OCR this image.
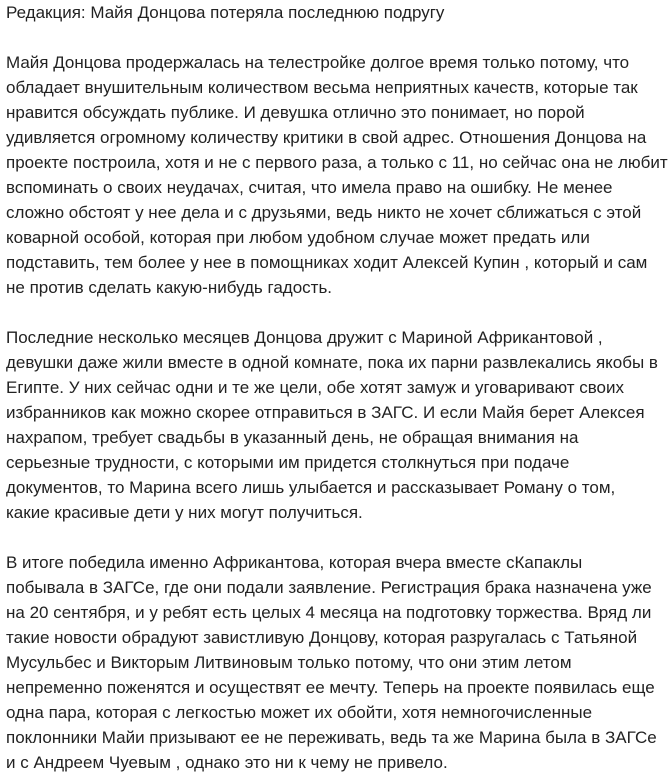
Редакция: Майя Донцова потеряла последнюю подругу

Майя Донцова продержалась на телестройке долгое время только потому, что
обладает внушительным количеством весьма неприятных качеств, которые так
нравится обсуждать публике. И девушка отлично это понимает, но порой
удивляется огромному количеству критики в свой адрес. Отношения Донцова на
проекте построила, хотя и не с первого раза, а только с 11, но сейчас она не любит
вспоминать о своих неудачах, считая, что имела право на ошибку. Не менее
сложно обстоят у нее дела и с друзьями, ведь никто не хочет сближаться с этой
коварной особой, которая при любом удобном случае может предать или
подставить, тем более у нее в помощниках ходит Алексей Купин , который и сам
не против сделать какую-нибудь гадость.

Последние несколько месяцев Донцова дружит с Мариной Африкантовой ,
девушки даже жили вместе в одной комнате, пока их парни развлекались якобы в
Египте. У них сейчас одни и те же цели, обе хотят замуж и уговаривают своих
избранников как можно скорее отправиться в ЗАГС. И если Майя берет Алексея
нахрапом, требует свадьбы в указанный день, не обращая внимания на
серьезные трудности, с которыми им придется столкнуться при подаче
документов, то Марина всего лишь улыбается и рассказывает Роману о том,
какие красивые дети у них могут получиться.

В итоге победила именно Африкантова, которая вчера вместе сКапаклы
побывала в ЗАГСе, где они подали заявление. Регистрация брака назначена уже
на 20 сентября, и у ребят есть целых 4 месяца на подготовку торжества. Вряд ли
такие новости обрадуют завистливую Донцову, которая разругалась с Татьяной
Мусульбес и Викторым Литвиновым только потому, что они этим летом
непременно поженятся и осуществят ее мечту. Теперь на проекте появилась еще
одна пара, которая с легкостью может их обойти, хотя немногочисленные
поклонники Майи призывают ее не переживать, ведь та же Марина была в ЗАГСе
и с Андреем Чуевым , однако это ни к чему не привело.
